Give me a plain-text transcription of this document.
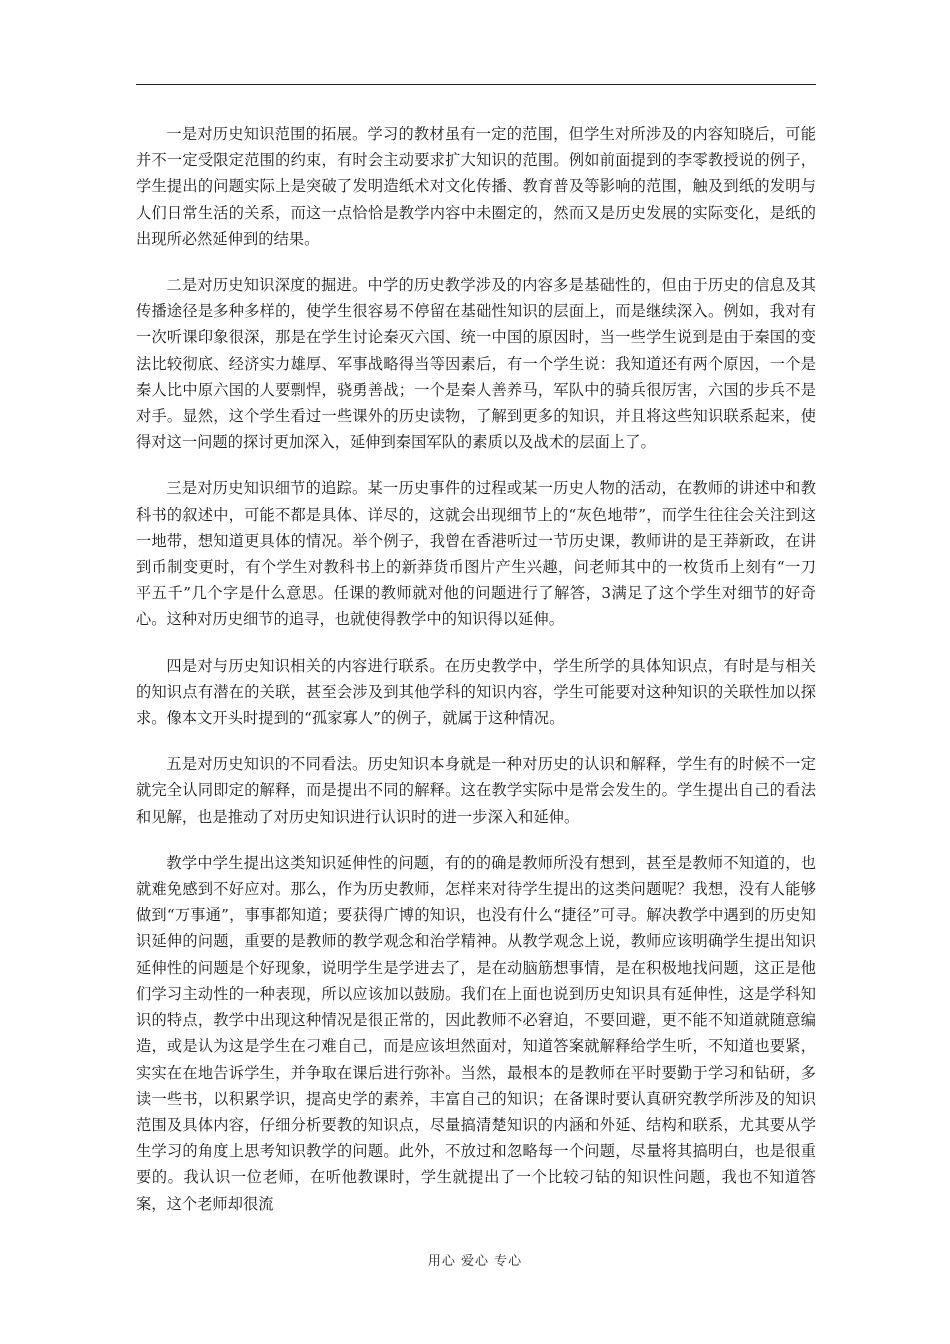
一是对历史知识范围的拓展。学习的教材虽有一定的范围，但学生对所涉及的内容知晓后，可能并不一定受限定范围的约束，有时会主动要求扩大知识的范围。例如前面提到的李零教授说的例子，学生提出的问题实际上是突破了发明造纸术对文化传播、教育普及等影响的范围，触及到纸的发明与人们日常生活的关系，而这一点恰恰是教学内容中未圈定的，然而又是历史发展的实际变化，是纸的出现所必然延伸到的结果。

二是对历史知识深度的掘进。中学的历史教学涉及的内容多是基础性的，但由于历史的信息及其传播途径是多种多样的，使学生很容易不停留在基础性知识的层面上，而是继续深入。例如，我对有一次听课印象很深，那是在学生讨论秦灭六国、统一中国的原因时，当一些学生说到是由于秦国的变法比较彻底、经济实力雄厚、军事战略得当等因素后，有一个学生说：我知道还有两个原因，一个是秦人比中原六国的人要剽悍，骁勇善战；一个是秦人善养马，军队中的骑兵很厉害，六国的步兵不是对手。显然，这个学生看过一些课外的历史读物，了解到更多的知识，并且将这些知识联系起来，使得对这一问题的探讨更加深入，延伸到秦国军队的素质以及战术的层面上了。

三是对历史知识细节的追踪。某一历史事件的过程或某一历史人物的活动，在教师的讲述中和教科书的叙述中，可能不都是具体、详尽的，这就会出现细节上的“灰色地带”，而学生往往会关注到这一地带，想知道更具体的情况。举个例子，我曾在香港听过一节历史课，教师讲的是王莽新政，在讲到币制变更时，有个学生对教科书上的新莽货币图片产生兴趣，问老师其中的一枚货币上刻有“一刀平五千”几个字是什么意思。任课的教师就对他的问题进行了解答，3满足了这个学生对细节的好奇心。这种对历史细节的追寻，也就使得教学中的知识得以延伸。

四是对与历史知识相关的内容进行联系。在历史教学中，学生所学的具体知识点，有时是与相关的知识点有潜在的关联，甚至会涉及到其他学科的知识内容，学生可能要对这种知识的关联性加以探求。像本文开头时提到的“孤家寡人”的例子，就属于这种情况。

五是对历史知识的不同看法。历史知识本身就是一种对历史的认识和解释，学生有的时候不一定就完全认同即定的解释，而是提出不同的解释。这在教学实际中是常会发生的。学生提出自己的看法和见解，也是推动了对历史知识进行认识时的进一步深入和延伸。

教学中学生提出这类知识延伸性的问题，有的的确是教师所没有想到，甚至是教师不知道的，也就难免感到不好应对。那么，作为历史教师，怎样来对待学生提出的这类问题呢？我想，没有人能够做到“万事通”，事事都知道；要获得广博的知识，也没有什么“捷径”可寻。解决教学中遇到的历史知识延伸的问题，重要的是教师的教学观念和治学精神。从教学观念上说，教师应该明确学生提出知识延伸性的问题是个好现象，说明学生是学进去了，是在动脑筋想事情，是在积极地找问题，这正是他们学习主动性的一种表现，所以应该加以鼓励。我们在上面也说到历史知识具有延伸性，这是学科知识的特点，教学中出现这种情况是很正常的，因此教师不必窘迫，不要回避，更不能不知道就随意编造，或是认为这是学生在刁难自己，而是应该坦然面对，知道答案就解释给学生听，不知道也要紧，实实在在地告诉学生，并争取在课后进行弥补。当然，最根本的是教师在平时要勤于学习和钻研，多读一些书，以积累学识，提高史学的素养，丰富自己的知识；在备课时要认真研究教学所涉及的知识范围及具体内容，仔细分析要教的知识点，尽量搞清楚知识的内涵和外延、结构和联系，尤其要从学生学习的角度上思考知识教学的问题。此外，不放过和忽略每一个问题，尽量将其搞明白，也是很重要的。我认识一位老师，在听他教课时，学生就提出了一个比较刁钻的知识性问题，我也不知道答案，这个老师却很流

用心 爱心 专心
